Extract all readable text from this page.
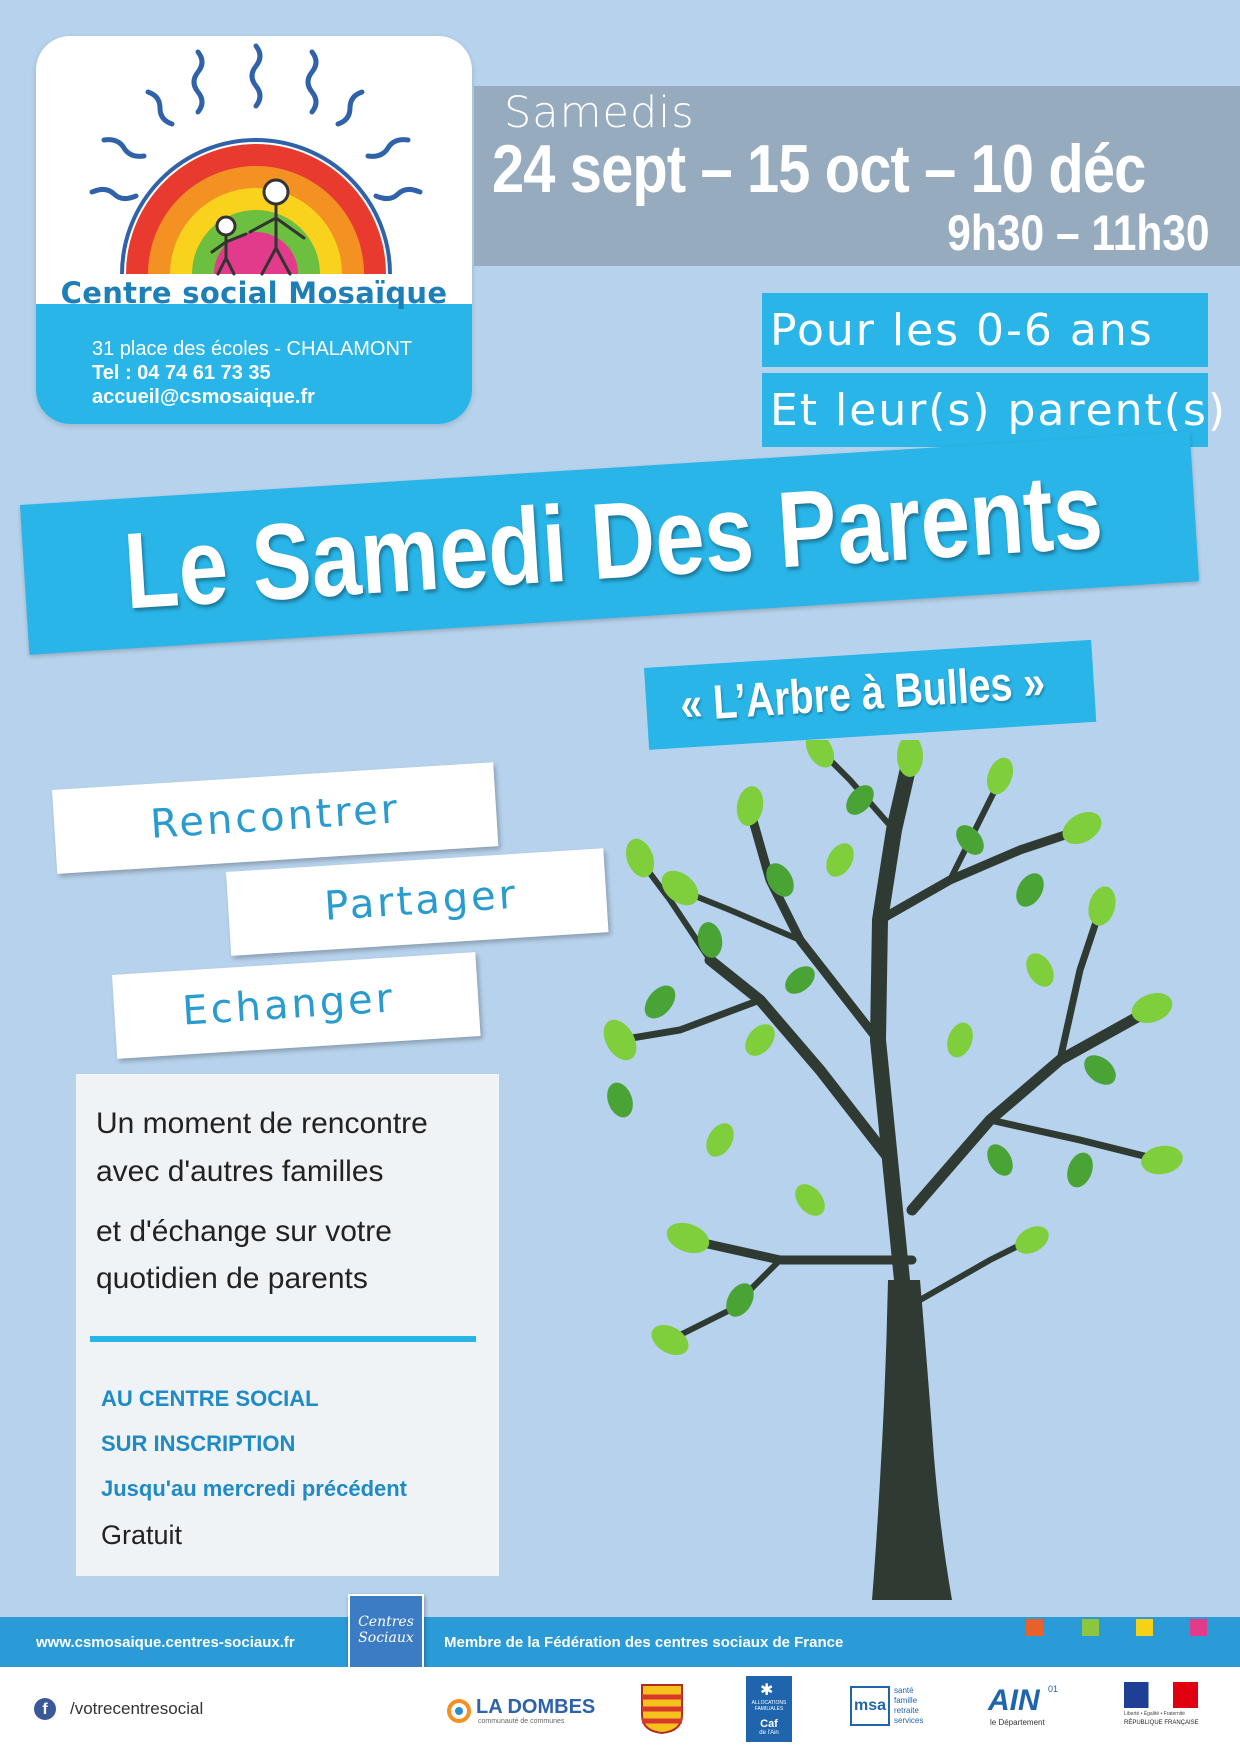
Centre social Mosaïque
31 place des écoles - CHALAMONT
Tel : 04 74 61 73 35
accueil@csmosaique.fr
Samedis
24 sept – 15 oct – 10 déc
9h30 – 11h30
Pour les 0-6 ans
Et leur(s) parent(s)
Le Samedi Des Parents
« L’Arbre à Bulles »
Rencontrer
Partager
Echanger
Un moment de rencontre
avec d'autres familles
et d'échange sur votre
quotidien de parents
AU CENTRE SOCIAL
SUR INSCRIPTION
Jusqu'au mercredi précédent
Gratuit
www.csmosaique.centres-sociaux.fr	Membre de la Fédération des centres sociaux de France
Centres
Sociaux
f	/votrecentresocial	LA DOMBES
communauté de communes
✱
ALLOCATIONS FAMILIALES
Caf
de l'Ain
msa
santé
famille
retraite
services
AIN 01
le Département
Liberté • Égalité • Fraternité
RÉPUBLIQUE FRANÇAISE
